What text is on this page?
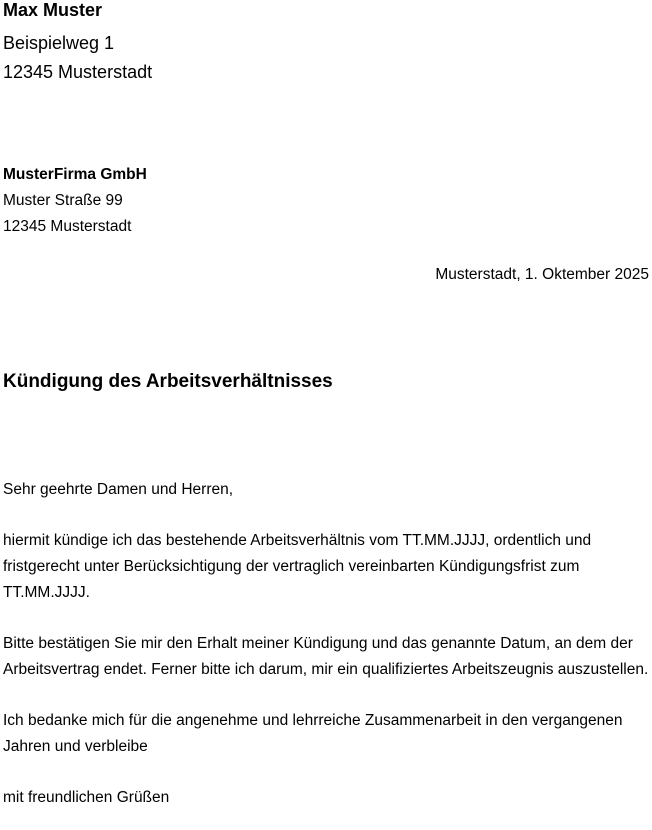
Max Muster
Beispielweg 1
12345 Musterstadt
MusterFirma GmbH
Muster Straße 99
12345 Musterstadt
Musterstadt, 1. Oktember 2025
Kündigung des Arbeitsverhältnisses

Sehr geehrte Damen und Herren,

hiermit kündige ich das bestehende Arbeitsverhältnis vom TT.MM.JJJJ, ordentlich und fristgerecht unter Berücksichtigung der vertraglich vereinbarten Kündigungsfrist zum TT.MM.JJJJ.

Bitte bestätigen Sie mir den Erhalt meiner Kündigung und das genannte Datum, an dem der Arbeitsvertrag endet. Ferner bitte ich darum, mir ein qualifiziertes Arbeitszeugnis auszustellen.

Ich bedanke mich für die angenehme und lehrreiche Zusammenarbeit in den vergangenen Jahren und verbleibe

mit freundlichen Grüßen
